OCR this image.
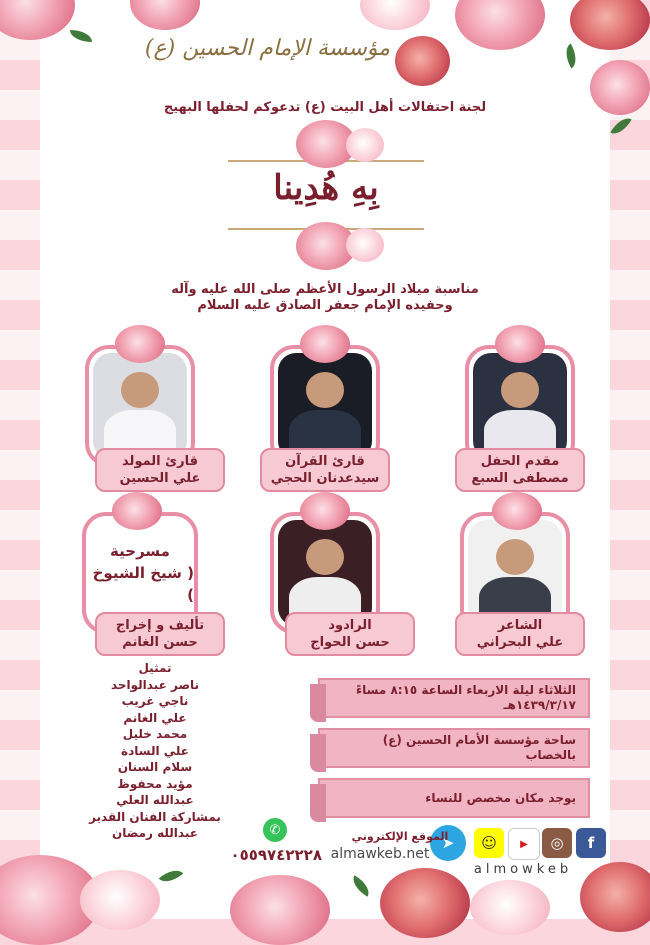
مؤسسة الإمام الحسين (ع)
لجنة احتفالات أهل البيت (ع) تدعوكم لحفلها البهيج
بِهِ هُدِينا
مناسبة ميلاد الرسول الأعظم صلى الله عليه وآله
وحفيده الإمام جعفر الصادق عليه السلام
مقدم الحفل
مصطفى السبع
قارئ القرآن
سيدعدنان الحجي
قارئ المولد
علي الحسين
الشاعر
علي البحراني
الرادود
حسن الحواج
مسرحية
( شيخ الشيوخ )
تأليف و إخراج
حسن الغانم
تمثيل
ناصر عبدالواحد
ناجي غريب
علي الغانم
محمد خليل
علي السادة
سلام السنان
مؤيد محفوظ
عبدالله العلي
بمشاركة الفنان القدير
عبدالله رمضان
الثلاثاء ليلة الاربعاء الساعة ٨:١٥ مساءً
١٤٣٩/٣/١٧هـ
ساحة مؤسسة الأمام الحسين (ع)
بالخصاب
يوجد مكان مخصص للنساء
f
◎
▶
☺
➤
الموقع الإلكتروني
almawkeb.net
almowkeb
✆
٠٥٥٩٧٤٢٢٢٨
